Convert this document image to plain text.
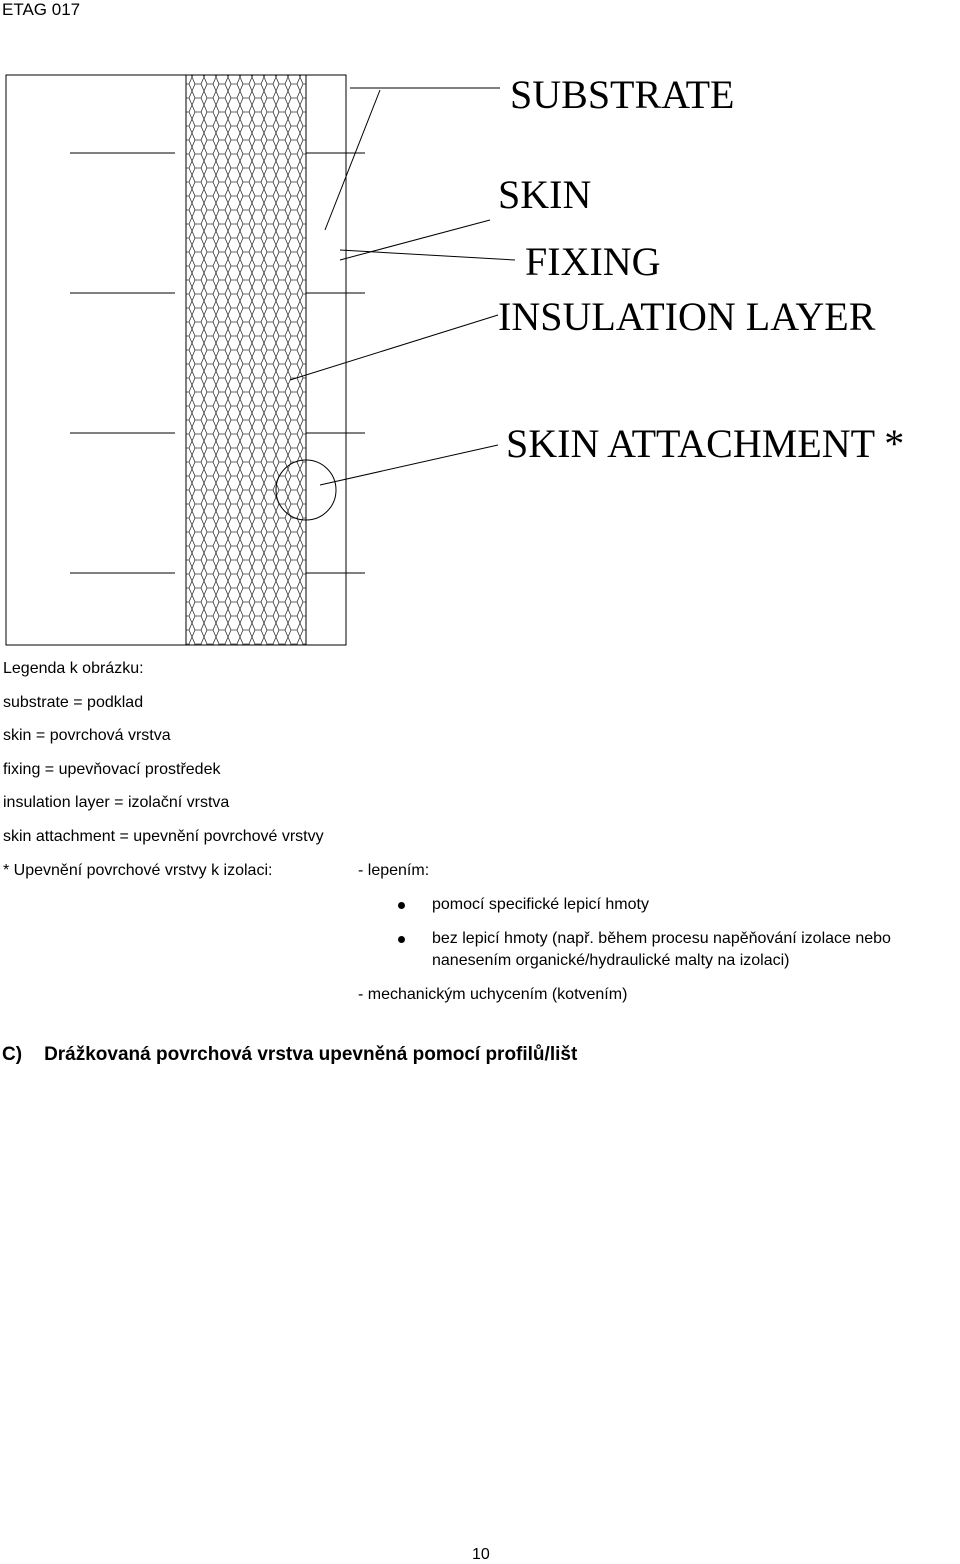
ETAG 017
SUBSTRATE
SKIN
FIXING
INSULATION LAYER
SKIN ATTACHMENT *
Legenda k obrázku:
substrate = podklad
skin = povrchová vrstva
fixing = upevňovací prostředek
insulation layer = izolační vrstva
skin attachment = upevnění povrchové vrstvy
* Upevnění povrchové vrstvy k izolaci:	- lepením:
pomocí specifické lepicí hmoty
bez lepicí hmoty (např. během procesu napěňování izolace nebo
nanesením organické/hydraulické malty na izolaci)
- mechanickým uchycením (kotvením)
C) Drážkovaná povrchová vrstva upevněná pomocí profilů/lišt
10
